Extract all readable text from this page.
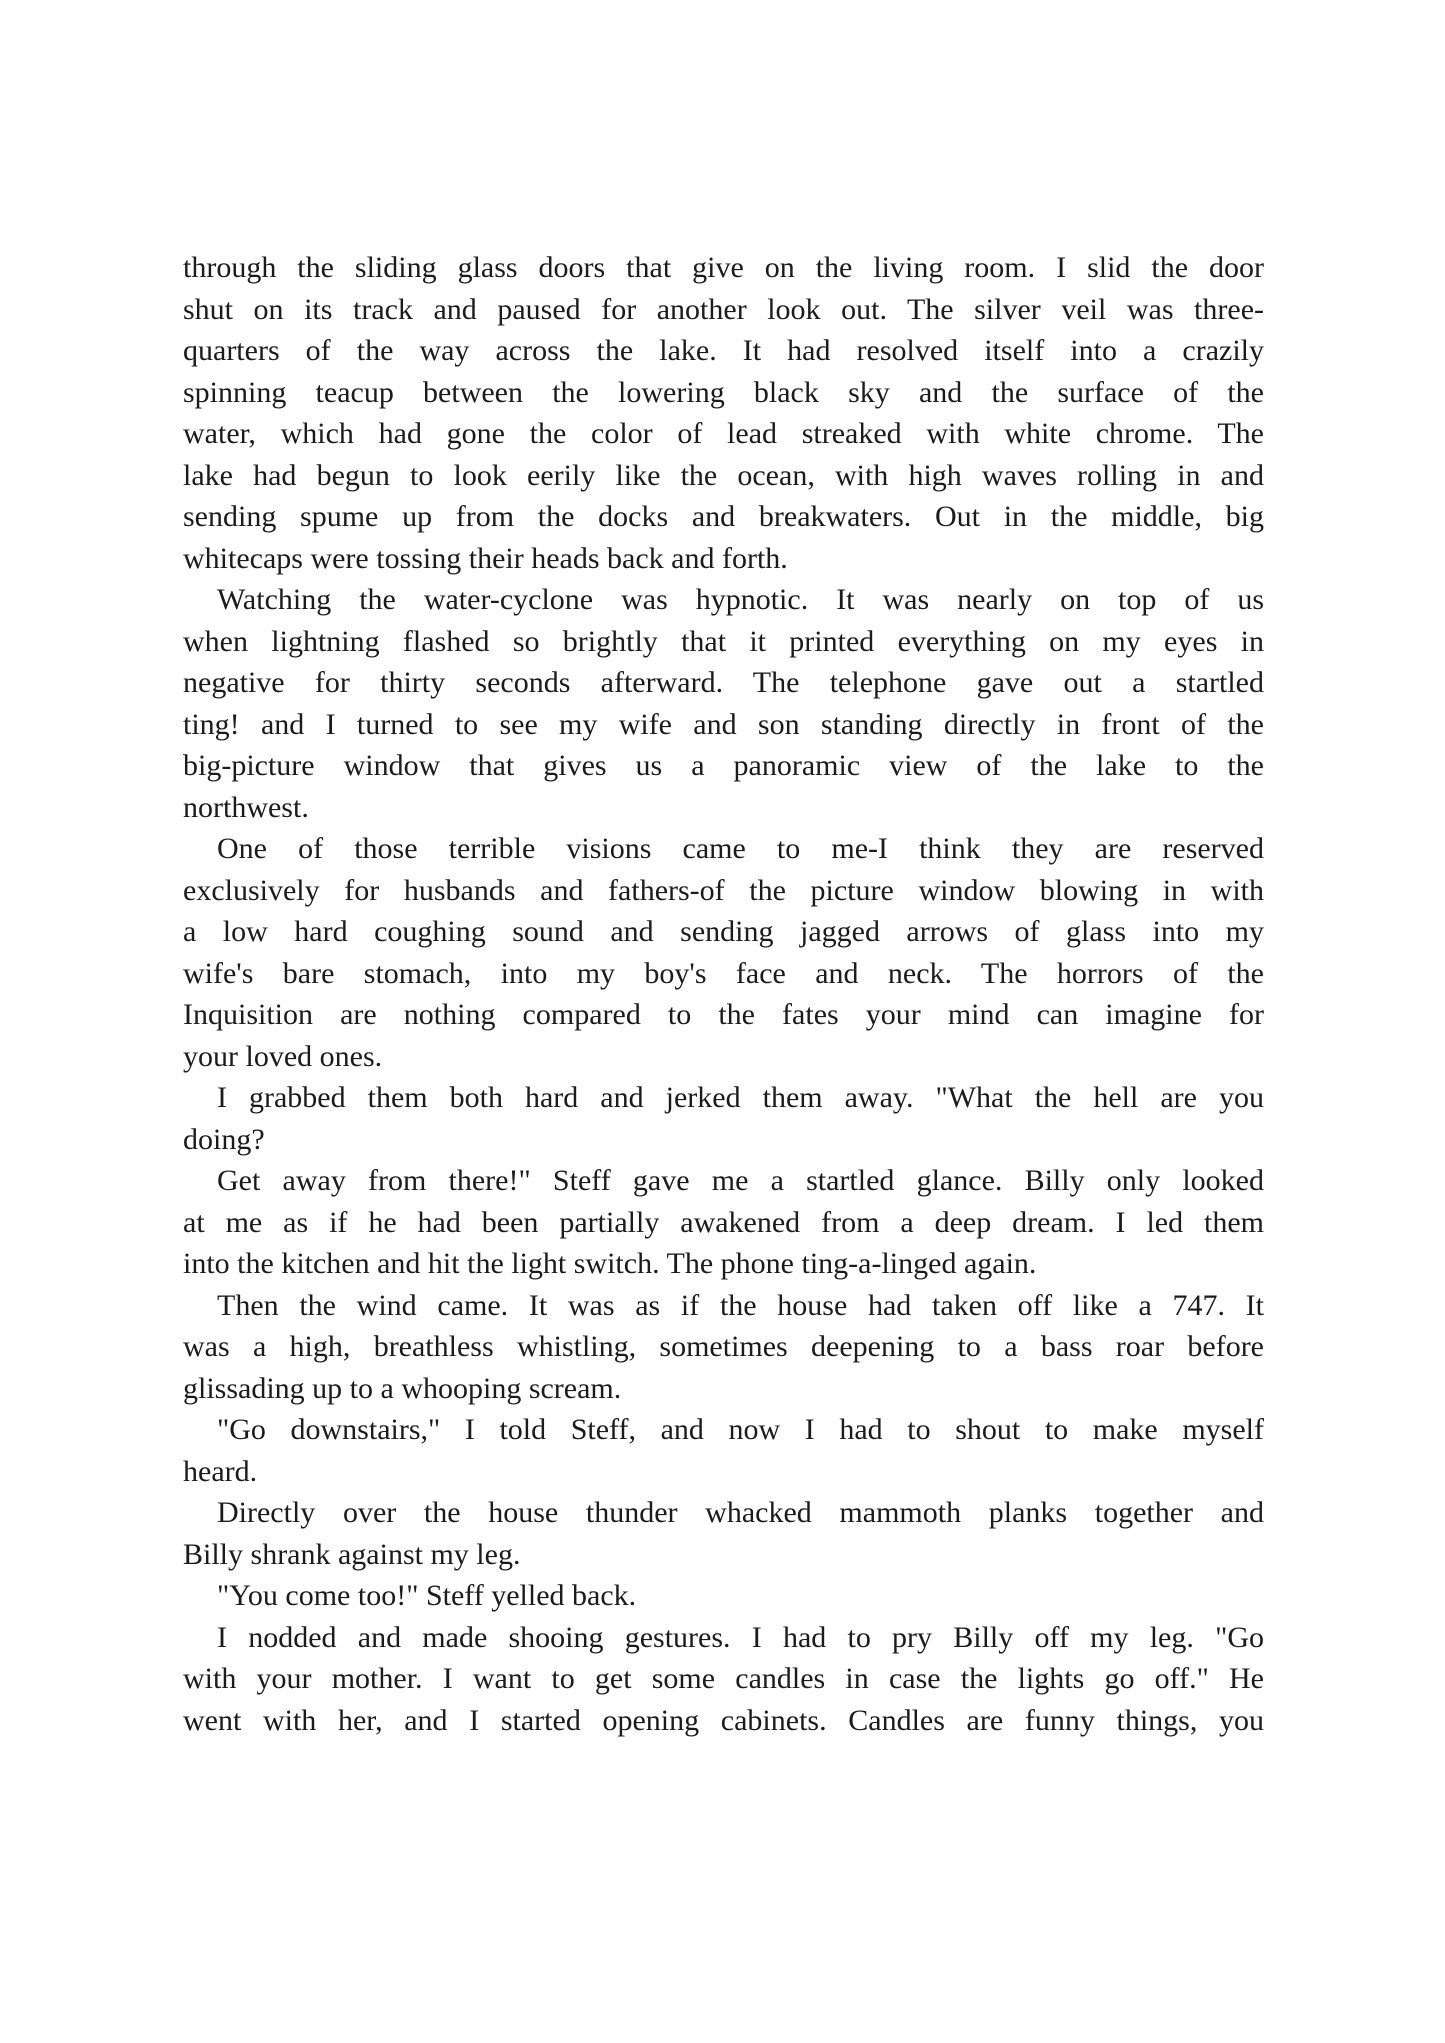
through the sliding glass doors that give on the living room. I slid the door
shut on its track and paused for another look out. The silver veil was three-
quarters of the way across the lake. It had resolved itself into a crazily
spinning teacup between the lowering black sky and the surface of the
water, which had gone the color of lead streaked with white chrome. The
lake had begun to look eerily like the ocean, with high waves rolling in and
sending spume up from the docks and breakwaters. Out in the middle, big
whitecaps were tossing their heads back and forth.

Watching the water-cyclone was hypnotic. It was nearly on top of us
when lightning flashed so brightly that it printed everything on my eyes in
negative for thirty seconds afterward. The telephone gave out a startled
ting! and I turned to see my wife and son standing directly in front of the
big-picture window that gives us a panoramic view of the lake to the
northwest.

One of those terrible visions came to me-I think they are reserved
exclusively for husbands and fathers-of the picture window blowing in with
a low hard coughing sound and sending jagged arrows of glass into my
wife's bare stomach, into my boy's face and neck. The horrors of the
Inquisition are nothing compared to the fates your mind can imagine for
your loved ones.

I grabbed them both hard and jerked them away. "What the hell are you
doing?

Get away from there!" Steff gave me a startled glance. Billy only looked
at me as if he had been partially awakened from a deep dream. I led them
into the kitchen and hit the light switch. The phone ting-a-linged again.

Then the wind came. It was as if the house had taken off like a 747. It
was a high, breathless whistling, sometimes deepening to a bass roar before
glissading up to a whooping scream.

"Go downstairs," I told Steff, and now I had to shout to make myself
heard.

Directly over the house thunder whacked mammoth planks together and
Billy shrank against my leg.

"You come too!" Steff yelled back.

I nodded and made shooing gestures. I had to pry Billy off my leg. "Go
with your mother. I want to get some candles in case the lights go off." He
went with her, and I started opening cabinets. Candles are funny things, you
